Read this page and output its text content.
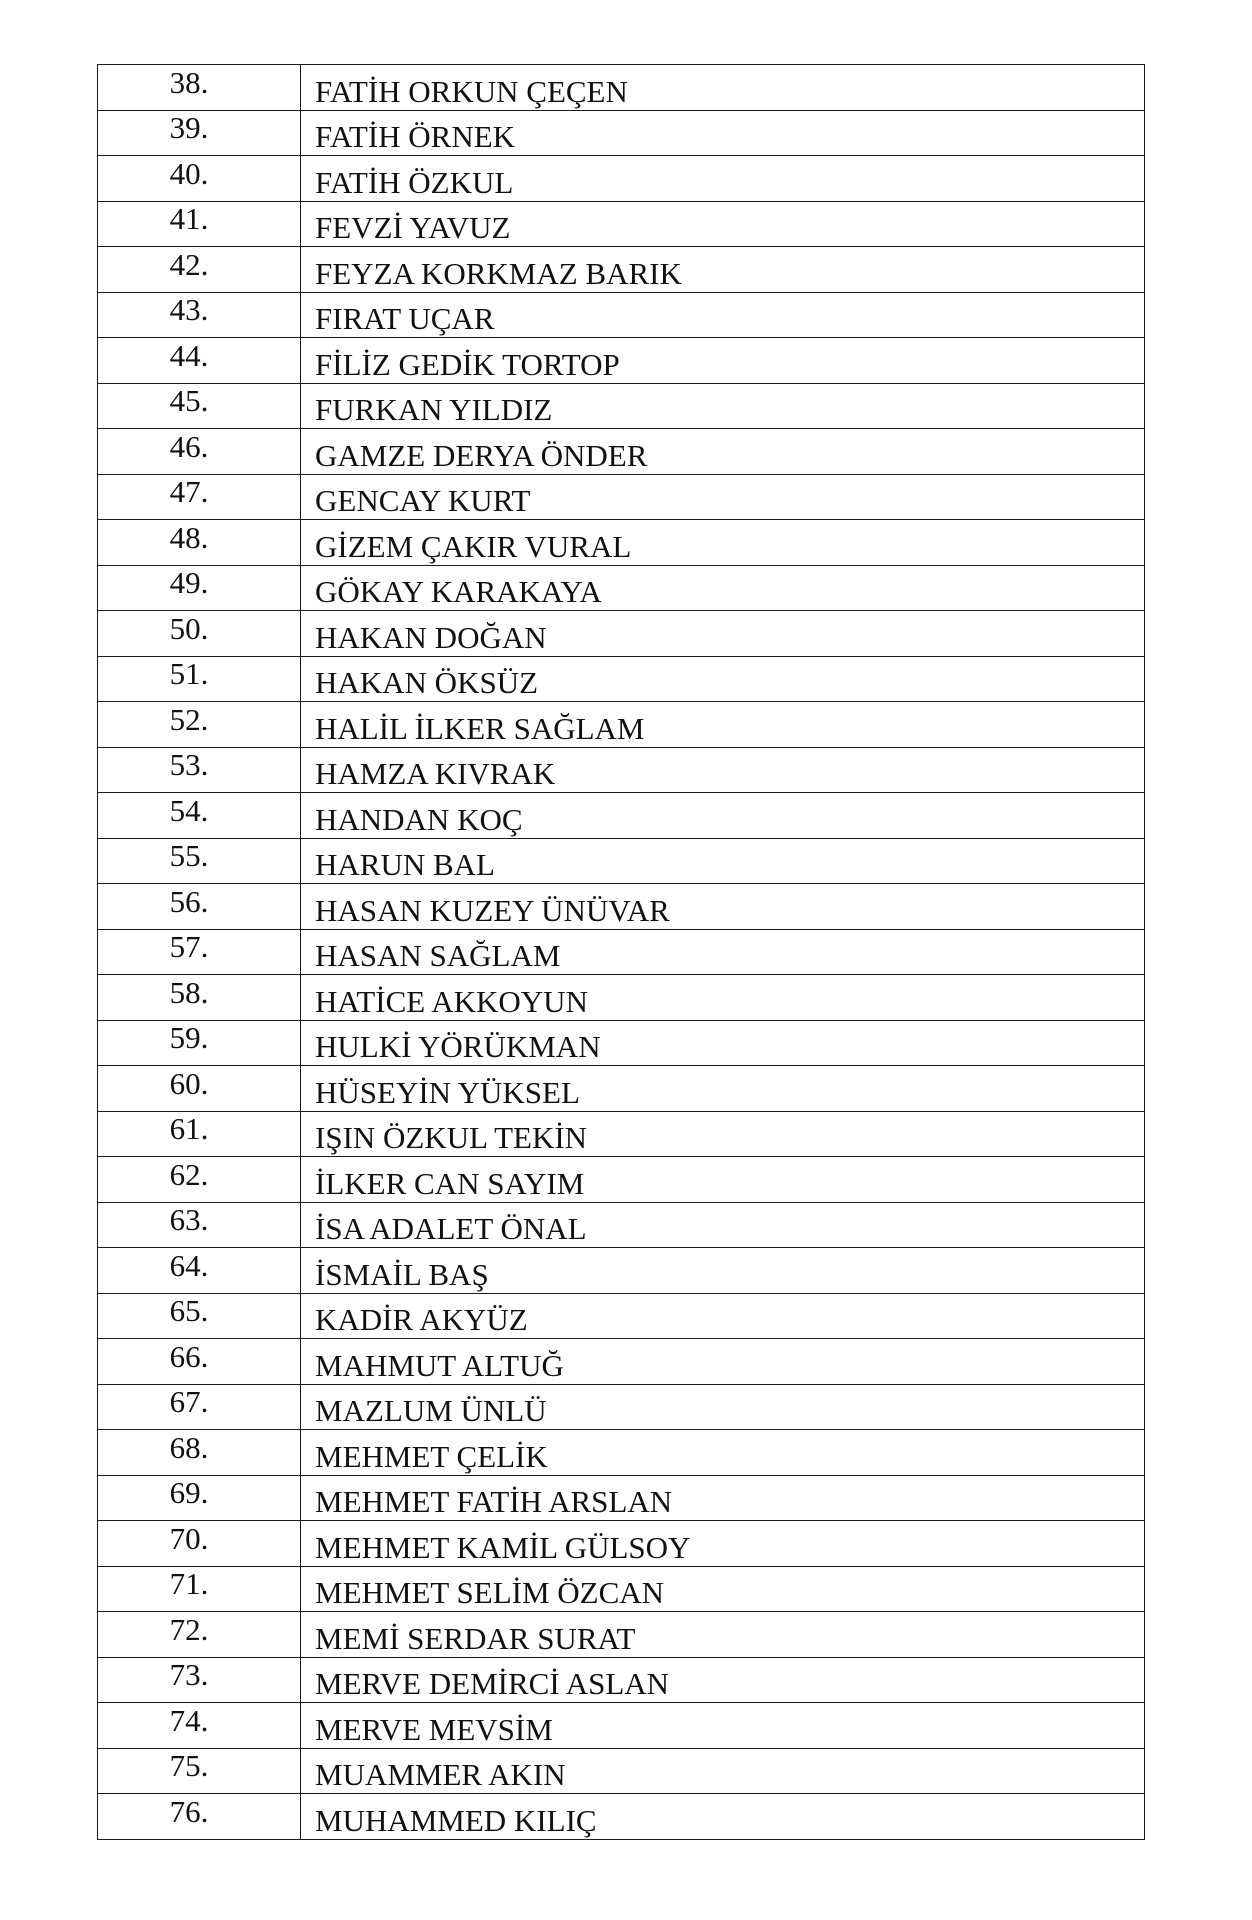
38.	FATİH ORKUN ÇEÇEN
39.	FATİH ÖRNEK
40.	FATİH ÖZKUL
41.	FEVZİ YAVUZ
42.	FEYZA KORKMAZ BARIK
43.	FIRAT UÇAR
44.	FİLİZ GEDİK TORTOP
45.	FURKAN YILDIZ
46.	GAMZE DERYA ÖNDER
47.	GENCAY KURT
48.	GİZEM ÇAKIR VURAL
49.	GÖKAY KARAKAYA
50.	HAKAN DOĞAN
51.	HAKAN ÖKSÜZ
52.	HALİL İLKER SAĞLAM
53.	HAMZA KIVRAK
54.	HANDAN KOÇ
55.	HARUN BAL
56.	HASAN KUZEY ÜNÜVAR
57.	HASAN SAĞLAM
58.	HATİCE AKKOYUN
59.	HULKİ YÖRÜKMAN
60.	HÜSEYİN YÜKSEL
61.	IŞIN ÖZKUL TEKİN
62.	İLKER CAN SAYIM
63.	İSA ADALET ÖNAL
64.	İSMAİL BAŞ
65.	KADİR AKYÜZ
66.	MAHMUT ALTUĞ
67.	MAZLUM ÜNLÜ
68.	MEHMET ÇELİK
69.	MEHMET FATİH ARSLAN
70.	MEHMET KAMİL GÜLSOY
71.	MEHMET SELİM ÖZCAN
72.	MEMİ SERDAR SURAT
73.	MERVE DEMİRCİ ASLAN
74.	MERVE MEVSİM
75.	MUAMMER AKIN
76.	MUHAMMED KILIÇ
